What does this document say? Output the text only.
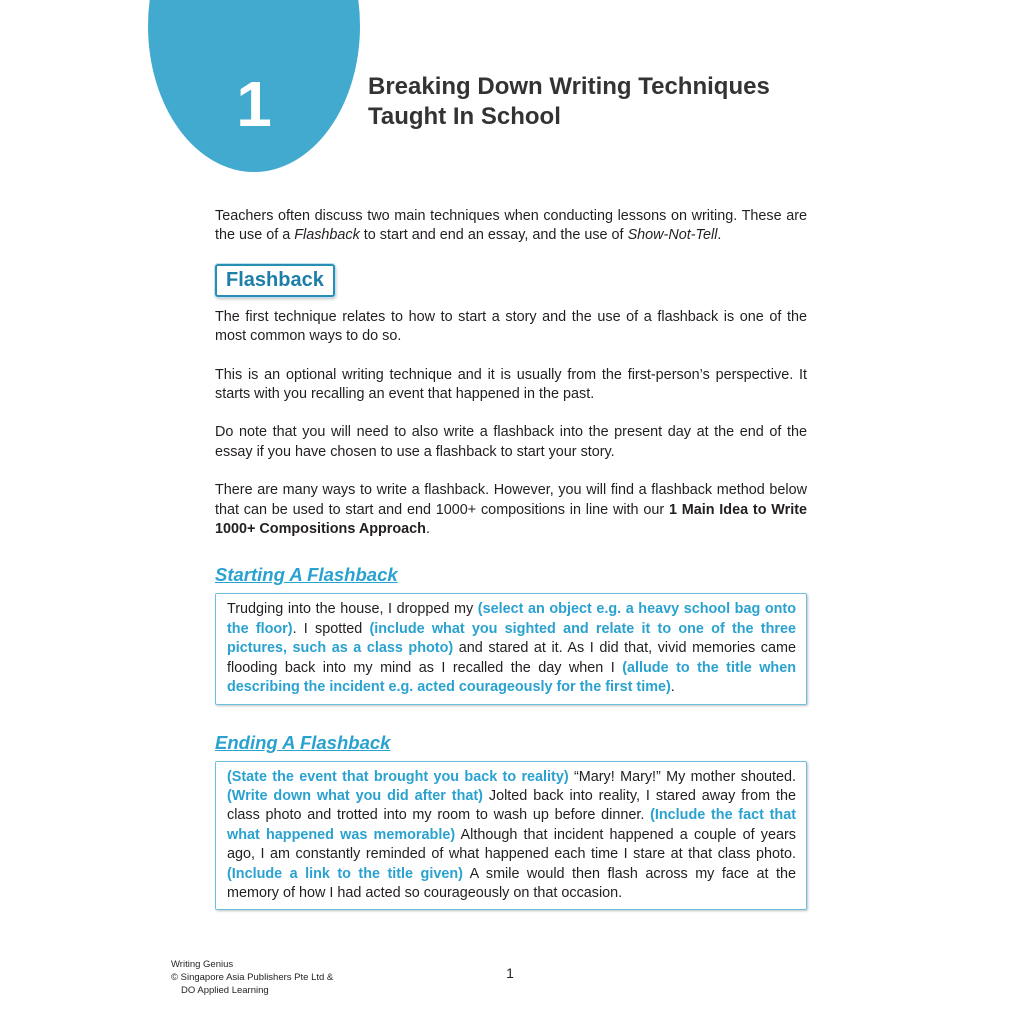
1	Breaking Down Writing Techniques
Taught In School

Teachers often discuss two main techniques when conducting lessons on writing. These are the use of a Flashback to start and end an essay, and the use of Show-Not-Tell.

Flashback

The first technique relates to how to start a story and the use of a flashback is one of the most common ways to do so.

This is an optional writing technique and it is usually from the first-person’s perspective. It starts with you recalling an event that happened in the past.

Do note that you will need to also write a flashback into the present day at the end of the essay if you have chosen to use a flashback to start your story.

There are many ways to write a flashback. However, you will find a flashback method below that can be used to start and end 1000+ compositions in line with our 1 Main Idea to Write 1000+ Compositions Approach.

Starting A Flashback

Trudging into the house, I dropped my (select an object e.g. a heavy school bag onto the floor). I spotted (include what you sighted and relate it to one of the three pictures, such as a class photo) and stared at it. As I did that, vivid memories came flooding back into my mind as I recalled the day when I (allude to the title when describing the incident e.g. acted courageously for the first time).

Ending A Flashback

(State the event that brought you back to reality) “Mary! Mary!” My mother shouted. (Write down what you did after that) Jolted back into reality, I stared away from the class photo and trotted into my room to wash up before dinner. (Include the fact that what happened was memorable) Although that incident happened a couple of years ago, I am constantly reminded of what happened each time I stare at that class photo. (Include a link to the title given) A smile would then flash across my face at the memory of how I had acted so courageously on that occasion.

Writing Genius
© Singapore Asia Publishers Pte Ltd &
DO Applied Learning
1
